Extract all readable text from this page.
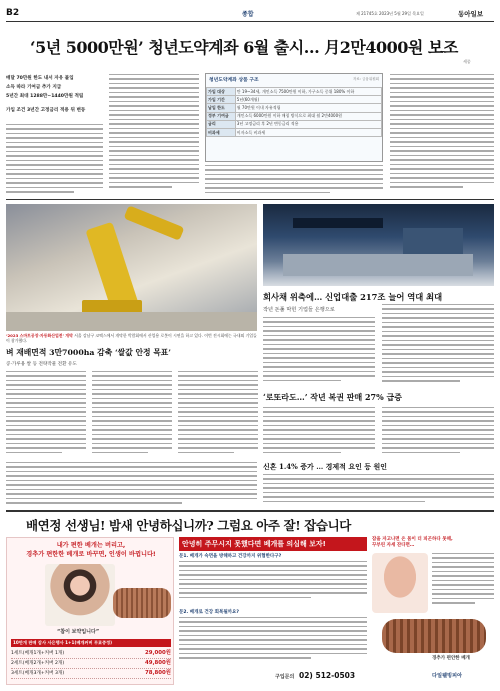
B2	종합	제 21745호 2023년 5월 29일 목요일	동아일보
‘5년 5000만원’ 청년도약계좌 6월 출시… 月2만4000원 보조
세종
매달 70만원 한도 내서 자유 불입
소득 따라 기여금 추가 지급
5년간 최대 1288만~1440만원 적립
가입 조건 3년간 고정금리 적용 뒤 변동
청년도약계좌 상품 구조	자료: 금융위원회
가입 대상	만 19~34세, 개인소득 7500만원 이하, 가구소득 중위 180% 이하
가입 기간	5년(60개월)
납입 한도	월 70만원 이내 자유적립
정부 기여금	개인소득 6000만원 이하 매칭 방식으로 최대 월 2만4000원
금리	3년 고정금리 후 2년 변동금리 적용
비과세	이자소득 비과세
‘2023 스마트공장·자동화산업전’ 개막 서울 강남구 코엑스에서 개막한 박람회에서 산업용 로봇이 시연을 하고 있다. 이번 전시회에는 국내외 기업들이 참가했다.
회사채 위축에… 신업대출 217조 늘어 역대 최대
작년 돈풀 막힌 기업들 은행으로
벼 재배면적 3만7000ha 감축 ‘쌀값 안정 목표’
콩·가루용 쌀 등 전략작물 전환 유도
‘로또라도…’ 작년 복권 판매 27% 급증
신혼 1.4% 증가 … 경제적 요인 등 원인
배연정 선생님! 밤새 안녕하십니까? 그럼요 아주 잘! 잡습니다
내가 편한 베개는 버리고,
경추가 편한한 베개로 바꾸면, 인생이 바뀝니다!
“참이 보약입니다”
10만개 판매 감사 사은행사 1+1(베개커버 무료증정)
1세트(베개1개+커버 1개)	29,000원
2세트(베개2개+커버 2개)	49,800원
3세트(베개3개+커버 3개)	78,800원
안녕히 주무시지 못했다면 베개를 의심해 보자!
문1. 베개가 숙면을 방해하고 건강까지 위협한다구?
문2. 베개로 건강 회복될까요?
구입문의 02) 512-0503
잠을 자고나면 온 몸이 더 피곤하다 못해,
꾸부린 자세 잔다면…
경추가 편안한 베개
다일웰빙피아
